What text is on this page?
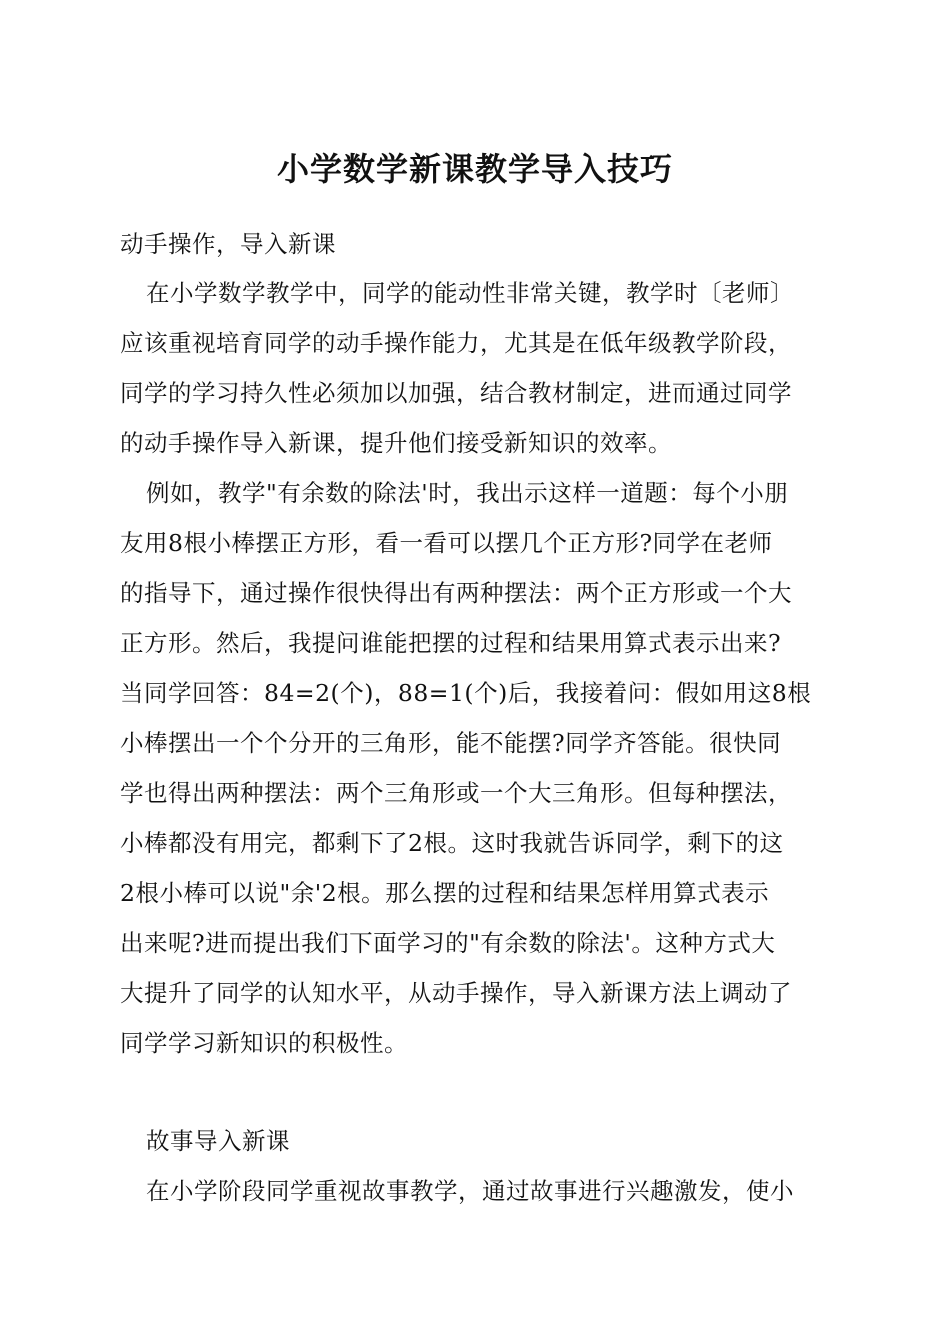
小学数学新课教学导入技巧
动手操作，导入新课
在小学数学教学中，同学的能动性非常关键，教学时〔老师〕
应该重视培育同学的动手操作能力，尤其是在低年级教学阶段，
同学的学习持久性必须加以加强，结合教材制定，进而通过同学
的动手操作导入新课，提升他们接受新知识的效率。
例如，教学"有余数的除法'时，我出示这样一道题：每个小朋
友用8根小棒摆正方形，看一看可以摆几个正方形?同学在老师
的指导下，通过操作很快得出有两种摆法：两个正方形或一个大
正方形。然后，我提问谁能把摆的过程和结果用算式表示出来?
当同学回答：84=2(个)，88=1(个)后，我接着问：假如用这8根
小棒摆出一个个分开的三角形，能不能摆?同学齐答能。很快同
学也得出两种摆法：两个三角形或一个大三角形。但每种摆法，
小棒都没有用完，都剩下了2根。这时我就告诉同学，剩下的这
2根小棒可以说"余'2根。那么摆的过程和结果怎样用算式表示
出来呢?进而提出我们下面学习的"有余数的除法'。这种方式大
大提升了同学的认知水平，从动手操作，导入新课方法上调动了
同学学习新知识的积极性。
故事导入新课
在小学阶段同学重视故事教学，通过故事进行兴趣激发，使小
